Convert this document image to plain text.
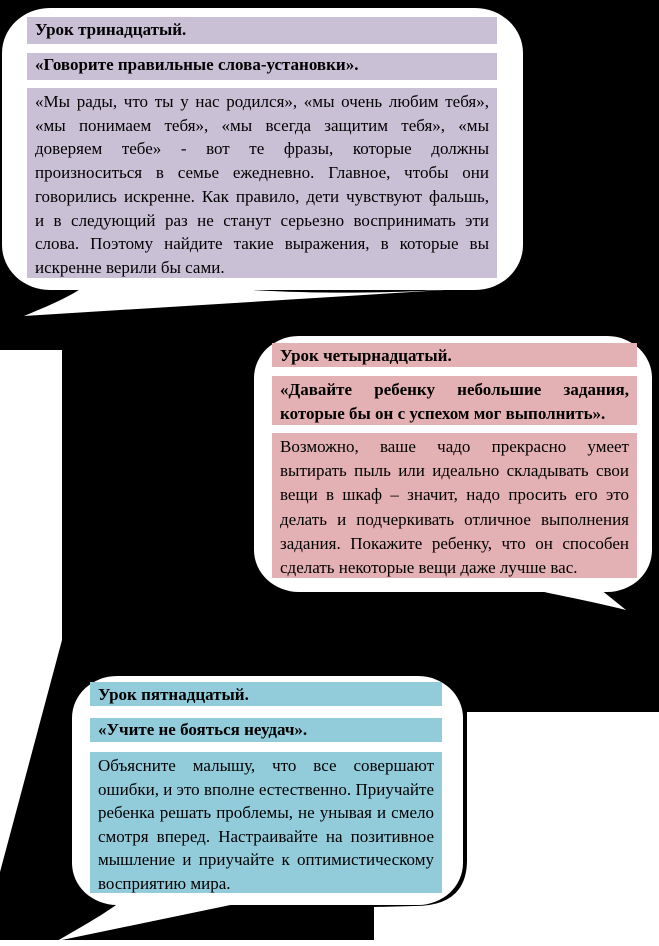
Урок тринадцатый.
«Говорите правильные слова-установки».
«Мы рады, что ты у нас родился», «мы очень любим тебя»,
«мы понимаем тебя», «мы всегда защитим тебя», «мы
доверяем тебе» - вот те фразы, которые должны
произноситься в семье ежедневно. Главное, чтобы они
говорились искренне. Как правило, дети чувствуют фальшь,
и в следующий раз не станут серьезно воспринимать эти
слова. Поэтому найдите такие выражения, в которые вы
искренне верили бы сами.
Урок четырнадцатый.
«Давайте ребенку небольшие задания,
которые бы он с успехом мог выполнить».
Возможно, ваше чадо прекрасно умеет
вытирать пыль или идеально складывать свои
вещи в шкаф – значит, надо просить его это
делать и подчеркивать отличное выполнения
задания. Покажите ребенку, что он способен
сделать некоторые вещи даже лучше вас.
Урок пятнадцатый.
«Учите не бояться неудач».
Объясните малышу, что все совершают
ошибки, и это вполне естественно. Приучайте
ребенка решать проблемы, не унывая и смело
смотря вперед. Настраивайте на позитивное
мышление и приучайте к оптимистическому
восприятию мира.
